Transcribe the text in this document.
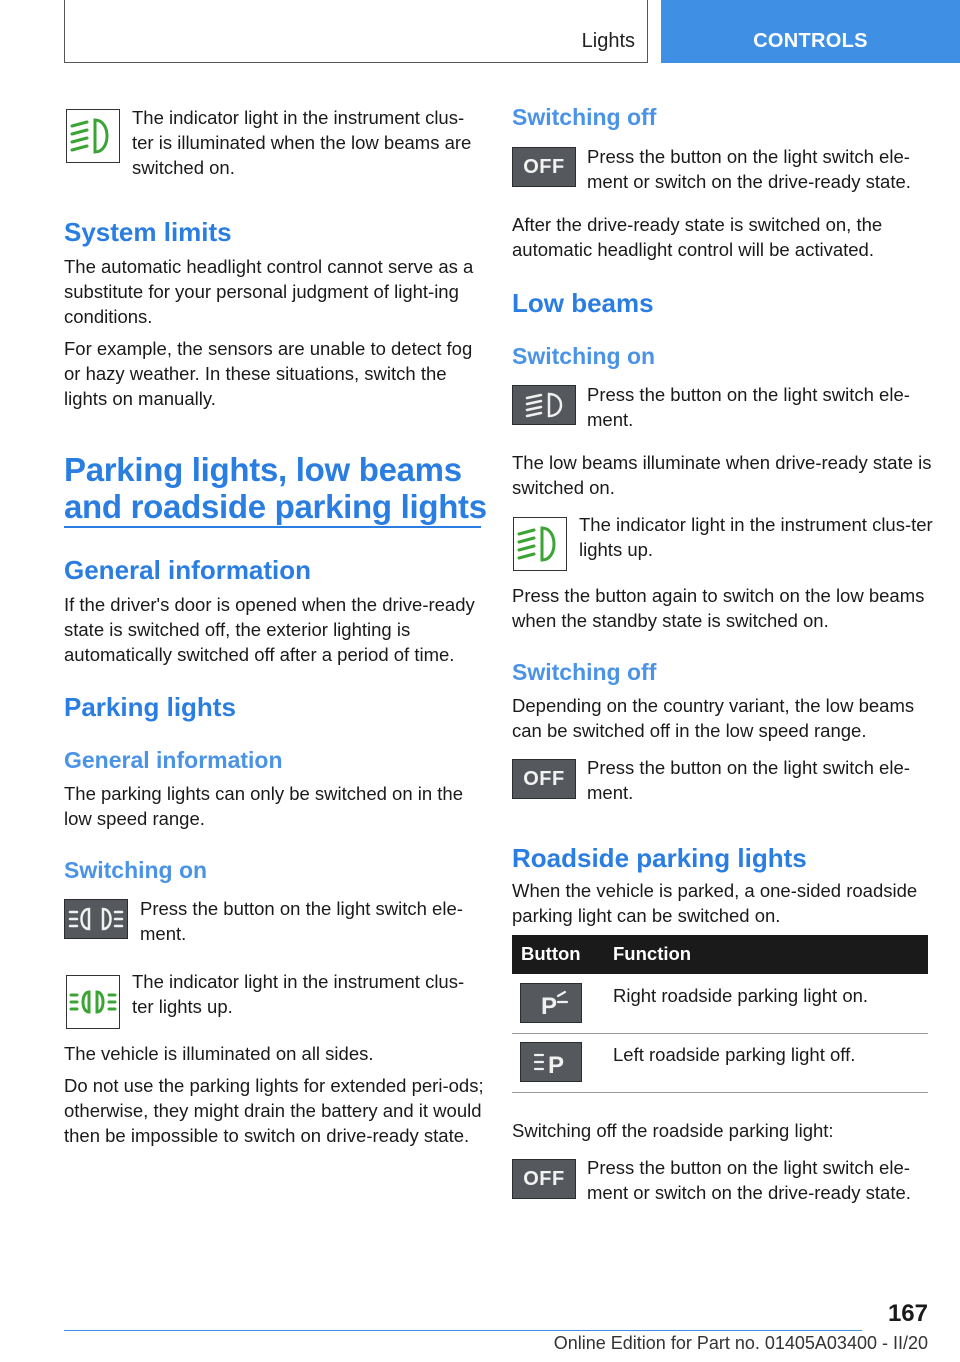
Lights	CONTROLS
The indicator light in the instrument clus-ter is illuminated when the low beams are switched on.
System limits
The automatic headlight control cannot serve as a substitute for your personal judgment of light-ing conditions.
For example, the sensors are unable to detect fog or hazy weather. In these situations, switch the lights on manually.
Parking lights, low beams
and roadside parking lights
General information
If the driver's door is opened when the drive-ready state is switched off, the exterior lighting is automatically switched off after a period of time.
Parking lights
General information
The parking lights can only be switched on in the low speed range.
Switching on
Press the button on the light switch ele-ment.
The indicator light in the instrument clus-ter lights up.
The vehicle is illuminated on all sides.
Do not use the parking lights for extended peri-ods; otherwise, they might drain the battery and it would then be impossible to switch on drive-ready state.
Switching off
OFF	Press the button on the light switch ele-ment or switch on the drive-ready state.
After the drive-ready state is switched on, the automatic headlight control will be activated.
Low beams
Switching on
Press the button on the light switch ele-ment.
The low beams illuminate when drive-ready state is switched on.
The indicator light in the instrument clus-ter lights up.
Press the button again to switch on the low beams when the standby state is switched on.
Switching off
Depending on the country variant, the low beams can be switched off in the low speed range.
OFF
Press the button on the light switch ele-ment.
Roadside parking lights
When the vehicle is parked, a one-sided roadside parking light can be switched on.
Button Function
P	Right roadside parking light on.
P	Left roadside parking light off.
Switching off the roadside parking light:
OFF
Press the button on the light switch ele-ment or switch on the drive-ready state.
167
Online Edition for Part no. 01405A03400 - II/20
